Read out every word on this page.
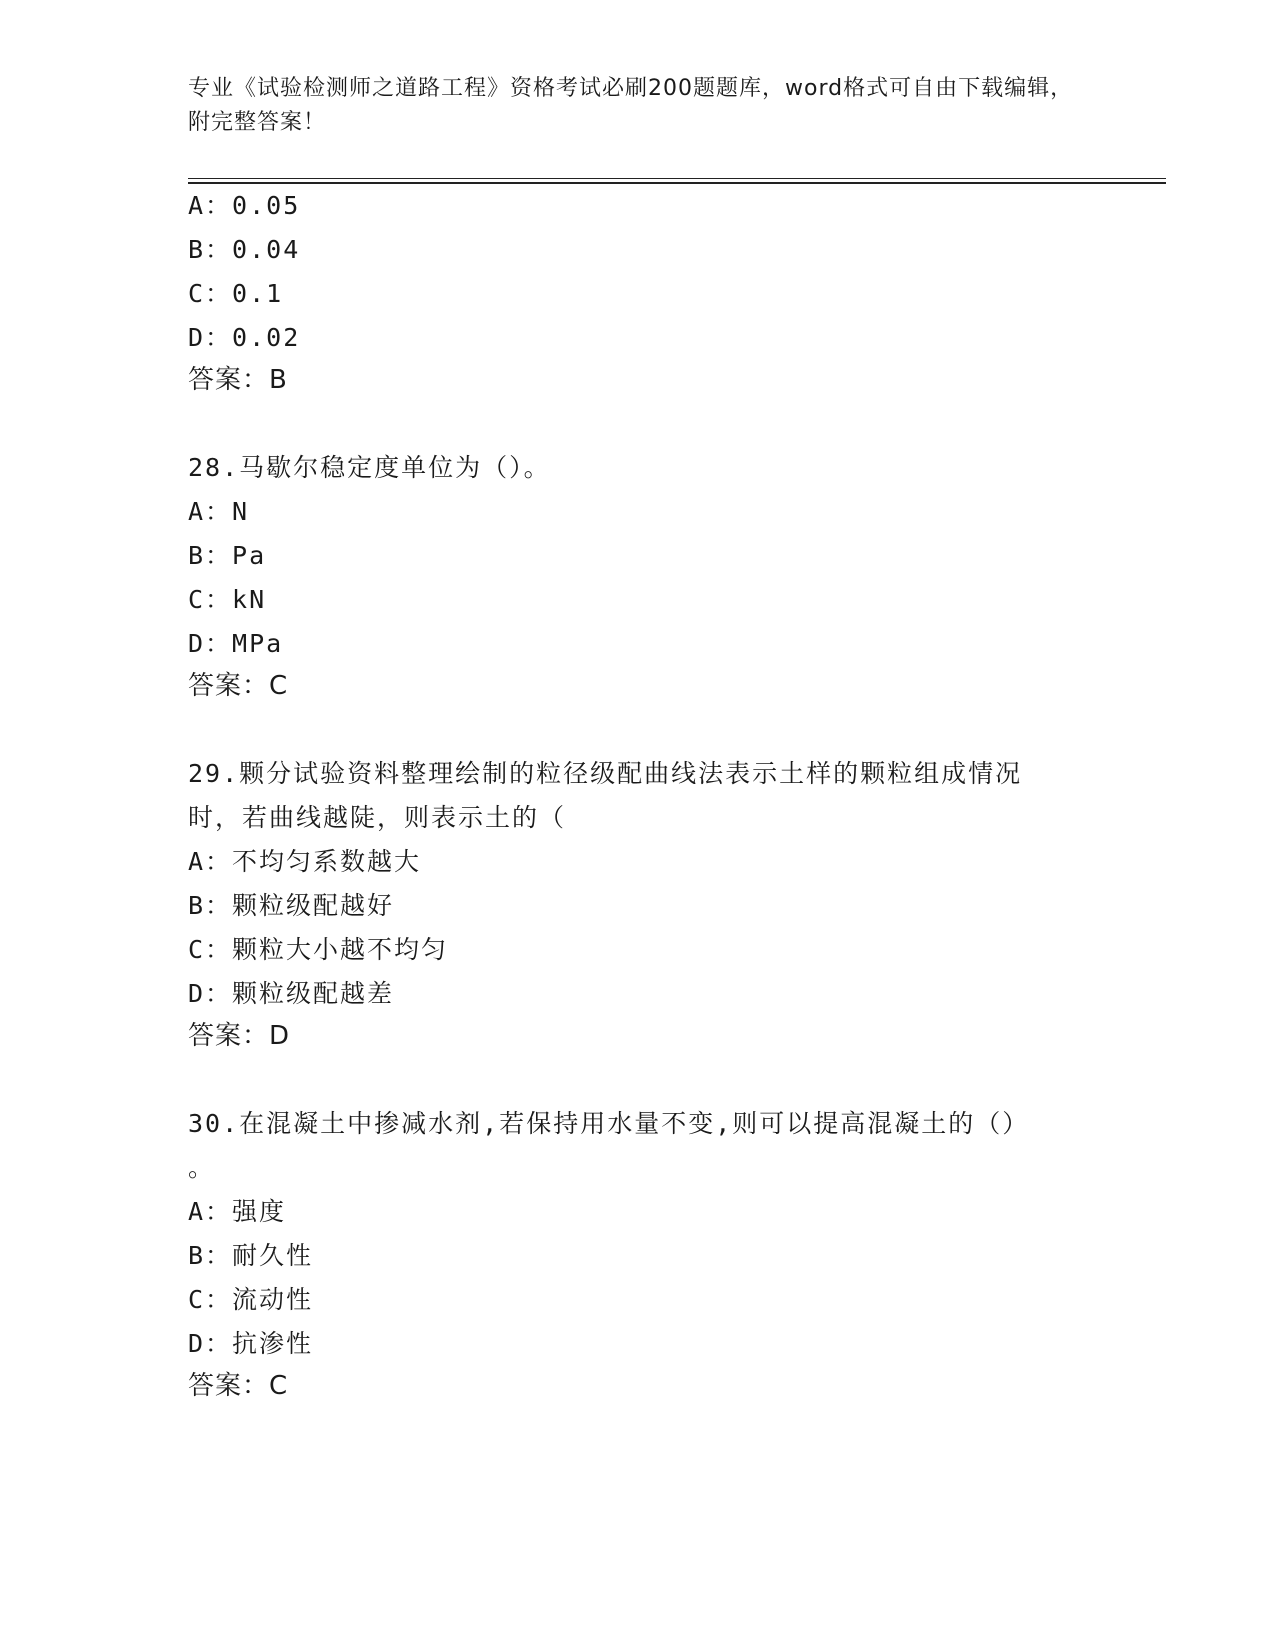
专业《试验检测师之道路工程》资格考试必刷200题题库，word格式可自由下载编辑，附完整答案！
A：0.05
B：0.04
C：0.1
D：0.02
答案：B
28.马歇尔稳定度单位为（）。
A：N
B：Pa
C：kN
D：MPa
答案：C
29.颗分试验资料整理绘制的粒径级配曲线法表示土样的颗粒组成情况
时，若曲线越陡，则表示土的（
A：不均匀系数越大
B：颗粒级配越好
C：颗粒大小越不均匀
D：颗粒级配越差
答案：D
30.在混凝土中掺减水剂,若保持用水量不变,则可以提高混凝土的（）
。
A：强度
B：耐久性
C：流动性
D：抗渗性
答案：C
